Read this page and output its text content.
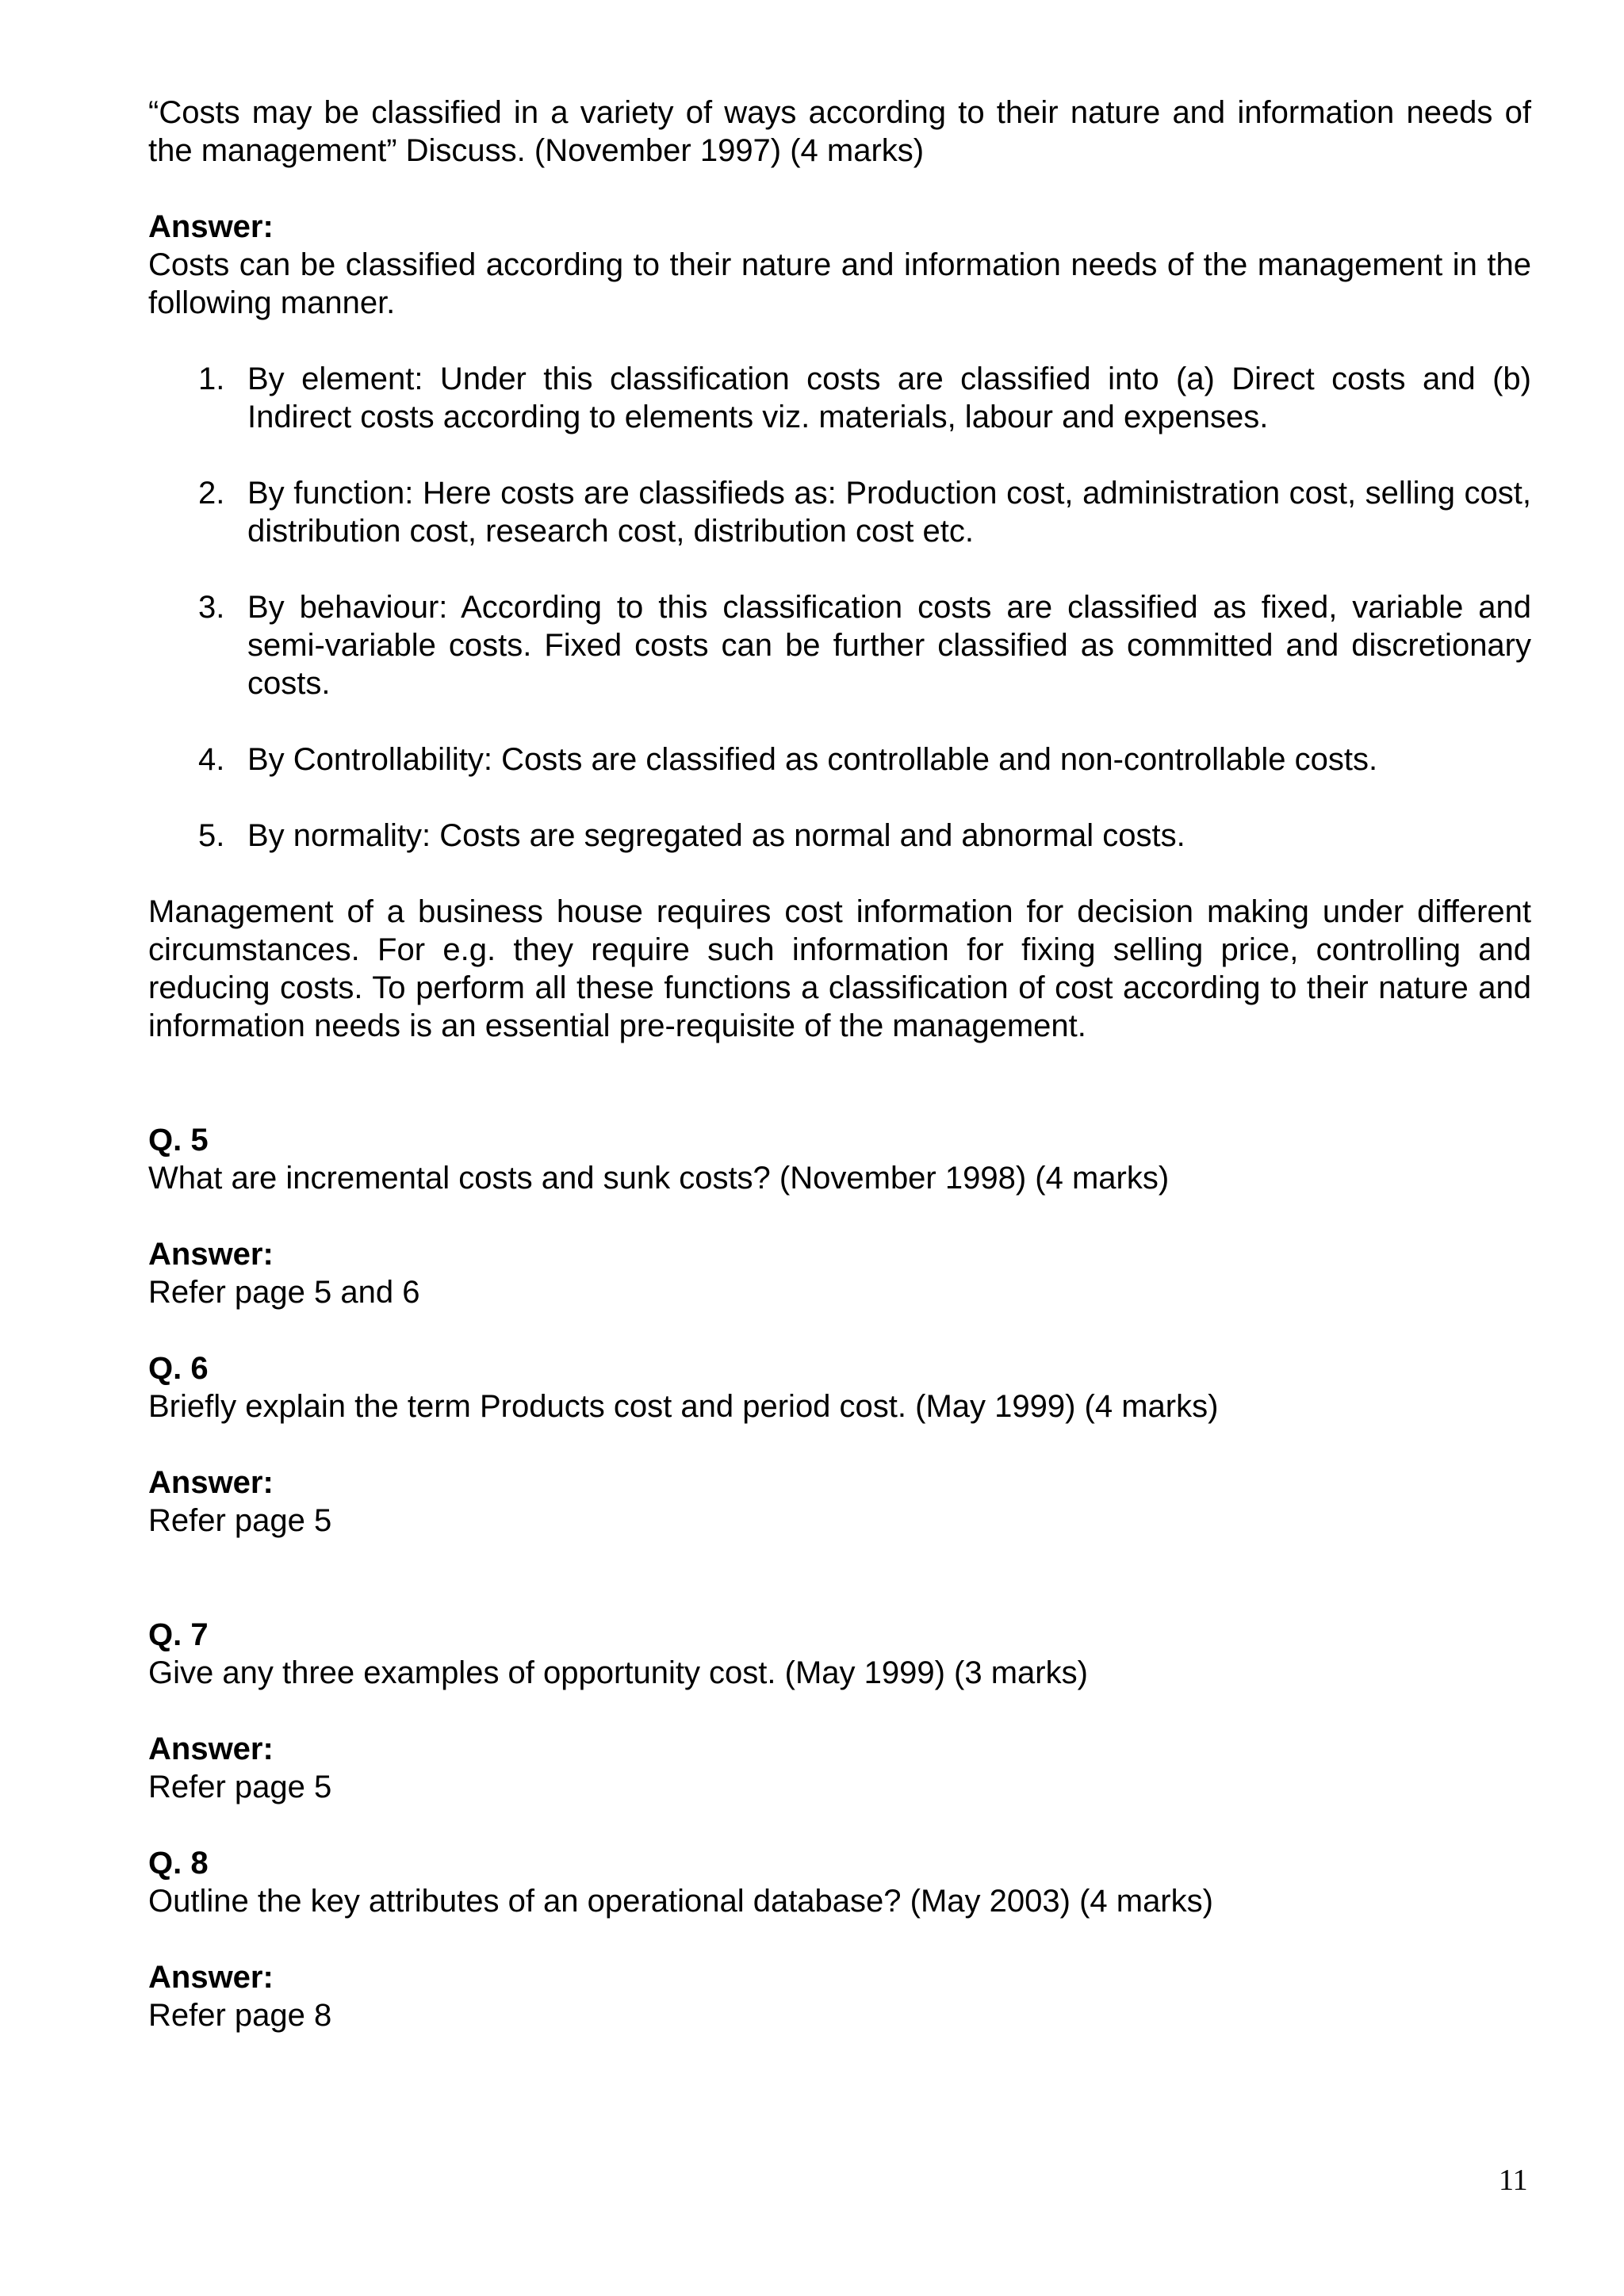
“Costs may be classified in a variety of ways according to their nature and information needs of the management” Discuss. (November 1997) (4 marks)

Answer:

Costs can be classified according to their nature and information needs of the management in the following manner.

1. By element: Under this classification costs are classified into (a) Direct costs and (b) Indirect costs according to elements viz. materials, labour and expenses.
2. By function: Here costs are classifieds as: Production cost, administration cost, selling cost, distribution cost, research cost, distribution cost etc.
3. By behaviour: According to this classification costs are classified as fixed, variable and semi-variable costs. Fixed costs can be further classified as committed and discretionary costs.
4. By Controllability: Costs are classified as controllable and non-controllable costs.
5. By normality: Costs are segregated as normal and abnormal costs.

Management of a business house requires cost information for decision making under different circumstances. For e.g. they require such information for fixing selling price, controlling and reducing costs. To perform all these functions a classification of cost according to their nature and information needs is an essential pre-requisite of the management.

Q. 5

What are incremental costs and sunk costs? (November 1998) (4 marks)

Answer:

Refer page 5 and 6

Q. 6

Briefly explain the term Products cost and period cost. (May 1999) (4 marks)

Answer:

Refer page 5

Q. 7

Give any three examples of opportunity cost. (May 1999) (3 marks)

Answer:

Refer page 5

Q. 8

Outline the key attributes of an operational database? (May 2003) (4 marks)

Answer:

Refer page 8

11
